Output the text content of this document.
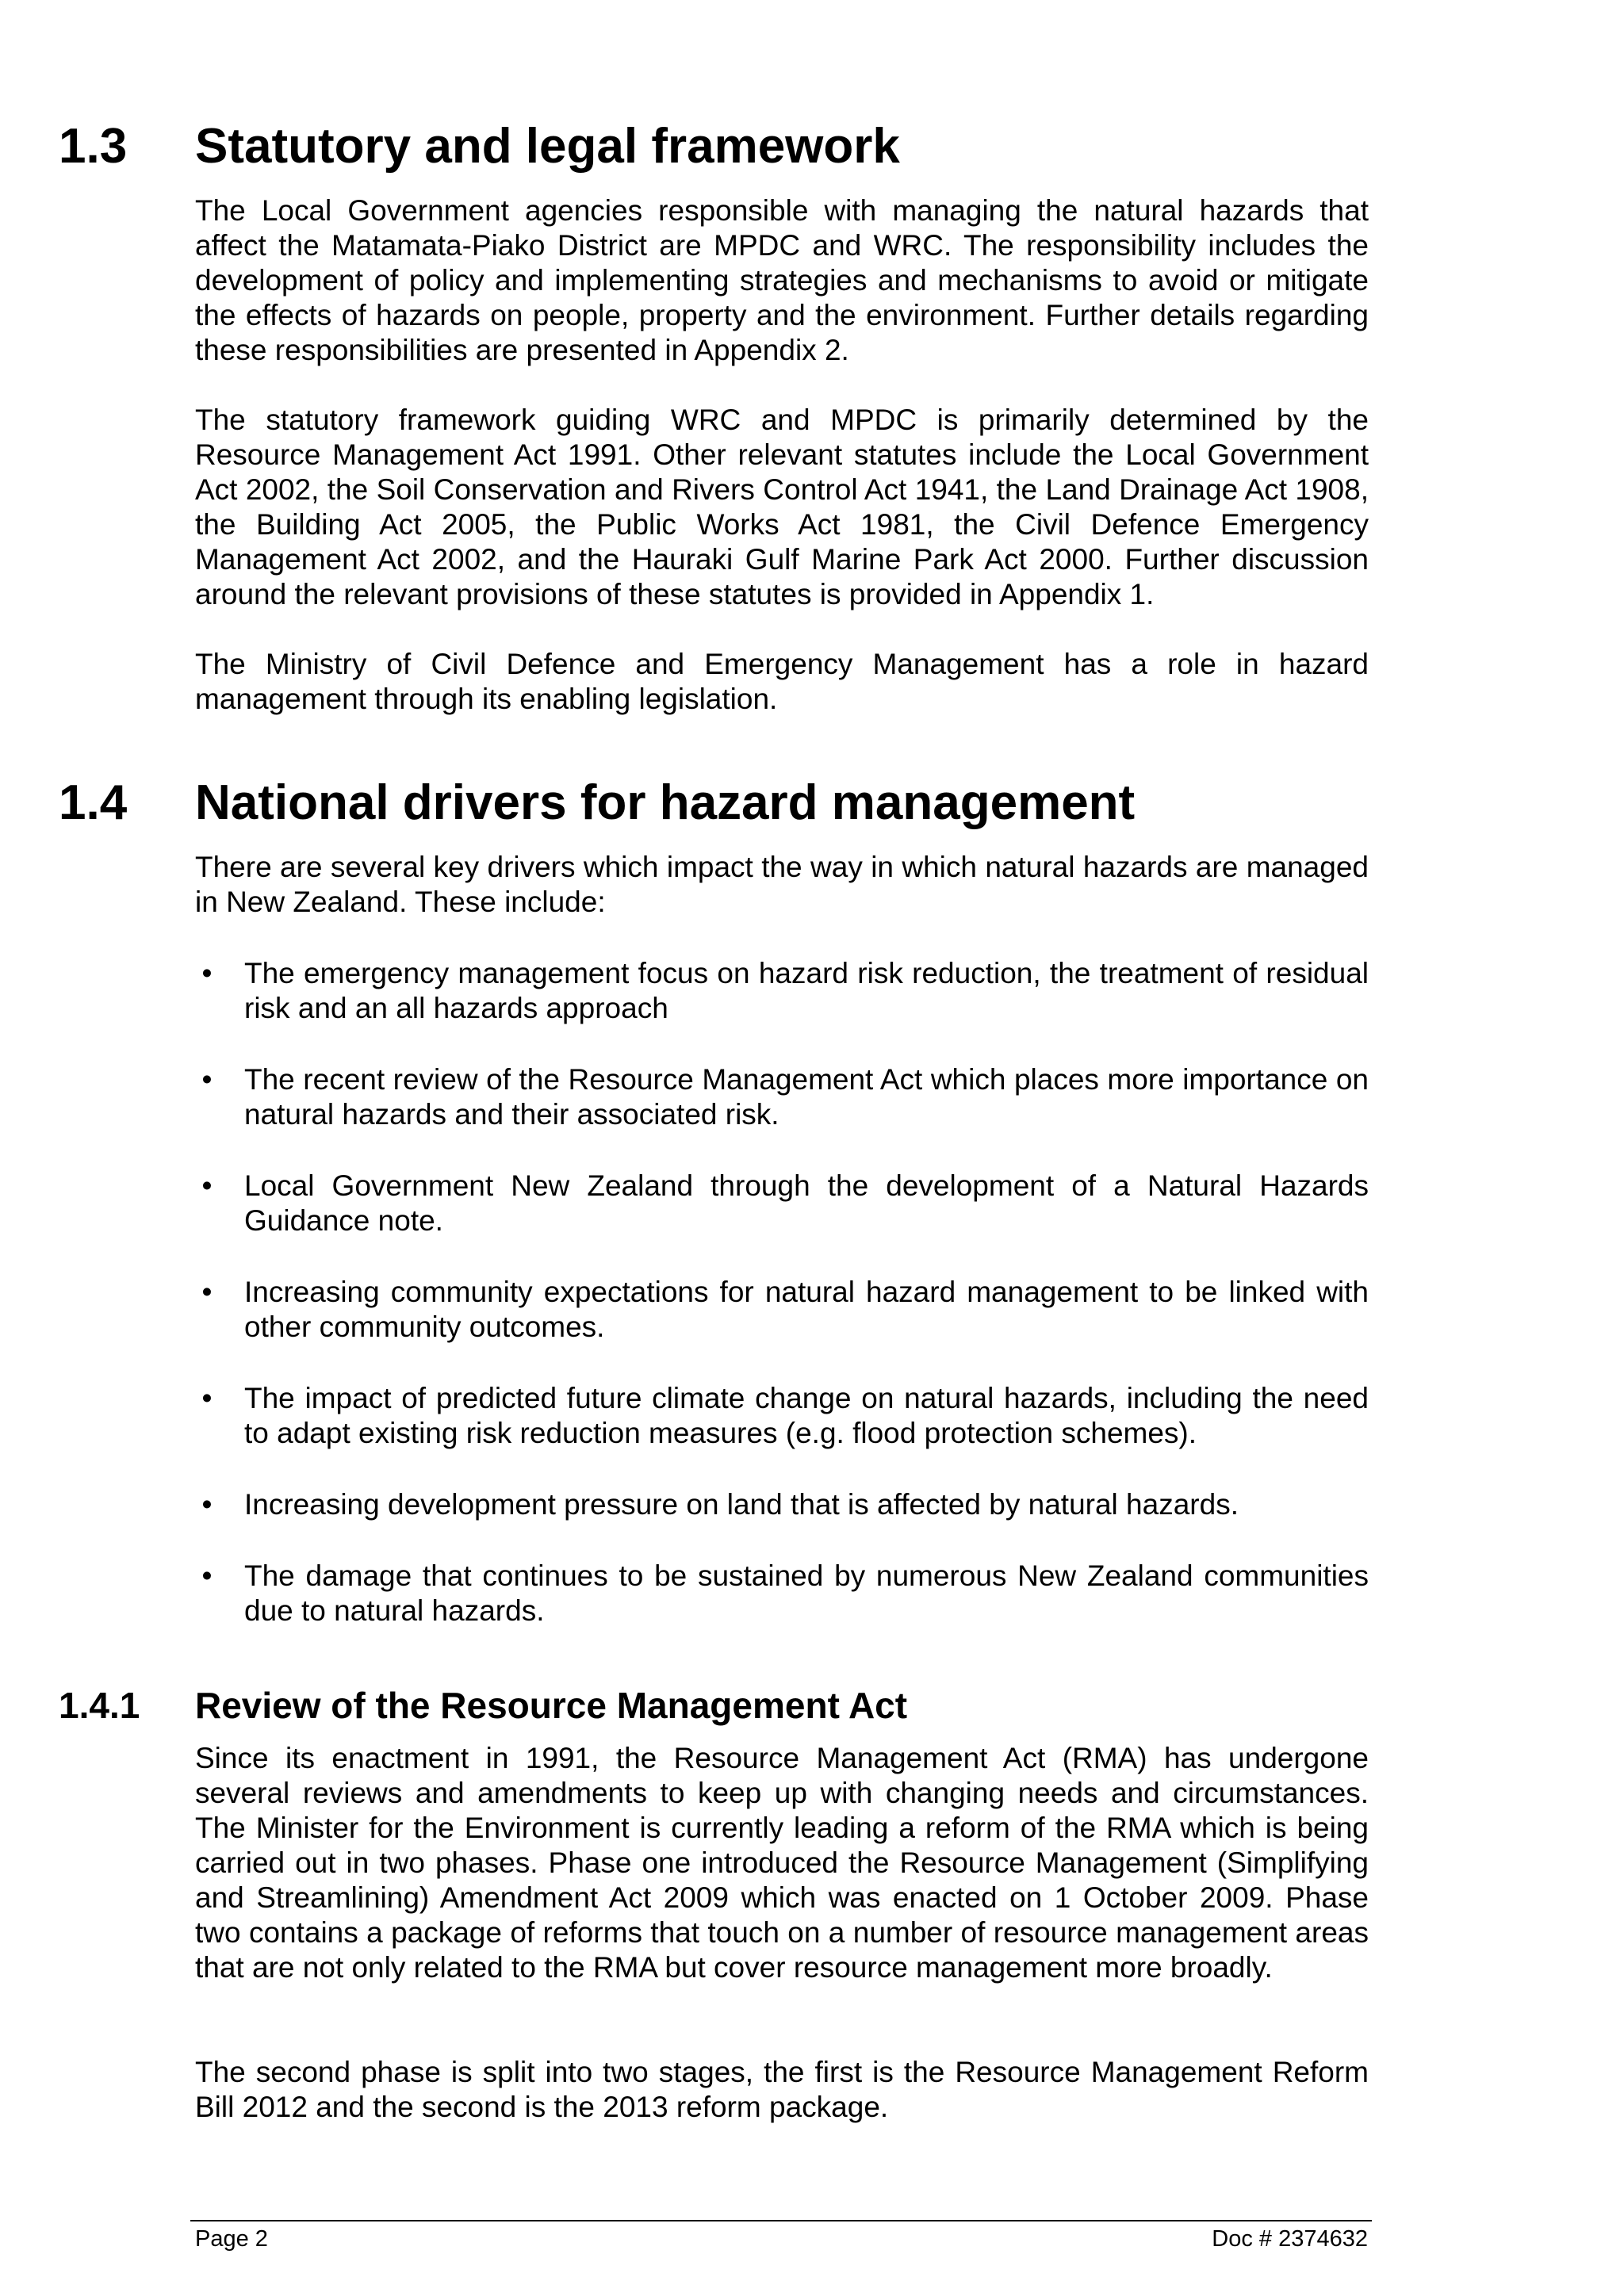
1.3 Statutory and legal framework

The Local Government agencies responsible with managing the natural hazards that affect the Matamata-Piako District are MPDC and WRC. The responsibility includes the development of policy and implementing strategies and mechanisms to avoid or mitigate the effects of hazards on people, property and the environment. Further details regarding these responsibilities are presented in Appendix 2.

The statutory framework guiding WRC and MPDC is primarily determined by the Resource Management Act 1991. Other relevant statutes include the Local Government Act 2002, the Soil Conservation and Rivers Control Act 1941, the Land Drainage Act 1908, the Building Act 2005, the Public Works Act 1981, the Civil Defence Emergency Management Act 2002, and the Hauraki Gulf Marine Park Act 2000. Further discussion around the relevant provisions of these statutes is provided in Appendix 1.

The Ministry of Civil Defence and Emergency Management has a role in hazard management through its enabling legislation.

1.4 National drivers for hazard management

There are several key drivers which impact the way in which natural hazards are managed in New Zealand. These include:

• The emergency management focus on hazard risk reduction, the treatment of residual risk and an all hazards approach
• The recent review of the Resource Management Act which places more importance on natural hazards and their associated risk.
• Local Government New Zealand through the development of a Natural Hazards Guidance note.
• Increasing community expectations for natural hazard management to be linked with other community outcomes.
• The impact of predicted future climate change on natural hazards, including the need to adapt existing risk reduction measures (e.g. flood protection schemes).
• Increasing development pressure on land that is affected by natural hazards.
• The damage that continues to be sustained by numerous New Zealand communities due to natural hazards.
1.4.1 Review of the Resource Management Act

Since its enactment in 1991, the Resource Management Act (RMA) has undergone several reviews and amendments to keep up with changing needs and circumstances. The Minister for the Environment is currently leading a reform of the RMA which is being carried out in two phases. Phase one introduced the Resource Management (Simplifying and Streamlining) Amendment Act 2009 which was enacted on 1 October 2009. Phase two contains a package of reforms that touch on a number of resource management areas that are not only related to the RMA but cover resource management more broadly.

The second phase is split into two stages, the first is the Resource Management Reform Bill 2012 and the second is the 2013 reform package.

Page 2	Doc # 2374632
